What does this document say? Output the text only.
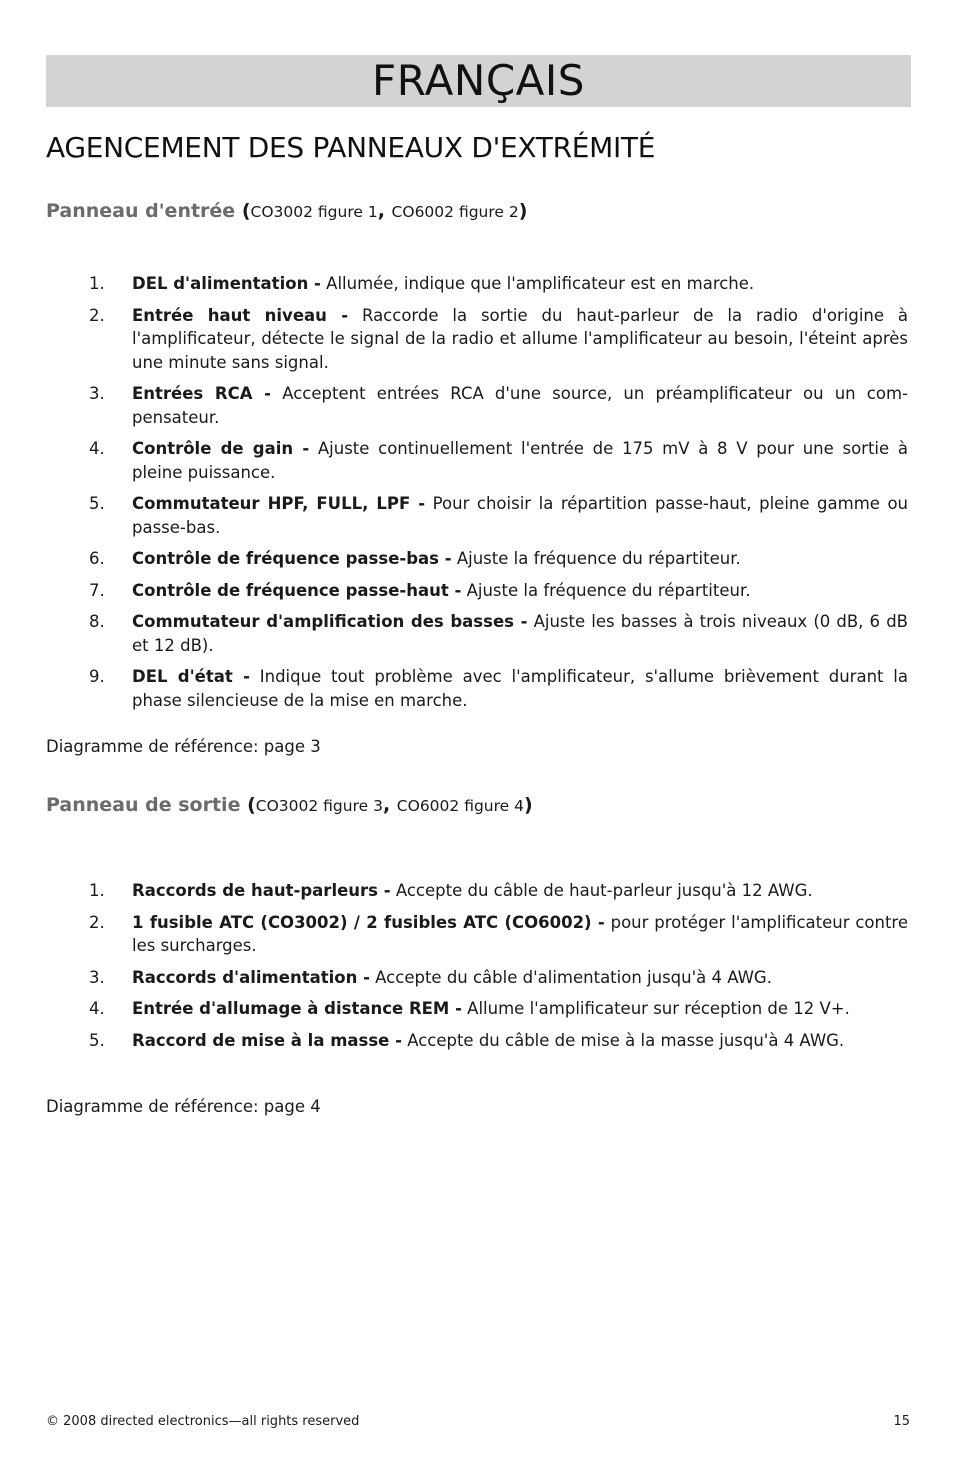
FRANÇAIS
AGENCEMENT DES PANNEAUX D'EXTRÉMITÉ

Panneau d'entrée (CO3002 figure 1, CO6002 figure 2)

1. DEL d'alimentation - Allumée, indique que l'amplificateur est en marche.
2. Entrée haut niveau - Raccorde la sortie du haut-parleur de la radio d'origine à l'amplificateur, détecte le signal de la radio et allume l'amplificateur au besoin, l'éteint après une minute sans signal.
3. Entrées RCA - Acceptent entrées RCA d'une source, un préamplificateur ou un com-pensateur.
4. Contrôle de gain - Ajuste continuellement l'entrée de 175 mV à 8 V pour une sortie à pleine puissance.
5. Commutateur HPF, FULL, LPF - Pour choisir la répartition passe-haut, pleine gamme ou passe-bas.
6. Contrôle de fréquence passe-bas - Ajuste la fréquence du répartiteur.
7. Contrôle de fréquence passe-haut - Ajuste la fréquence du répartiteur.
8. Commutateur d'amplification des basses - Ajuste les basses à trois niveaux (0 dB, 6 dB et 12 dB).
9. DEL d'état - Indique tout problème avec l'amplificateur, s'allume brièvement durant la phase silencieuse de la mise en marche.
Diagramme de référence: page 3

Panneau de sortie (CO3002 figure 3, CO6002 figure 4)

1. Raccords de haut-parleurs - Accepte du câble de haut-parleur jusqu'à 12 AWG.
2. 1 fusible ATC (CO3002) / 2 fusibles ATC (CO6002) - pour protéger l'amplificateur contre les surcharges.
3. Raccords d'alimentation - Accepte du câble d'alimentation jusqu'à 4 AWG.
4. Entrée d'allumage à distance REM - Allume l'amplificateur sur réception de 12 V+.
5. Raccord de mise à la masse - Accepte du câble de mise à la masse jusqu'à 4 AWG.
Diagramme de référence: page 4
© 2008 directed electronics—all rights reserved	15
